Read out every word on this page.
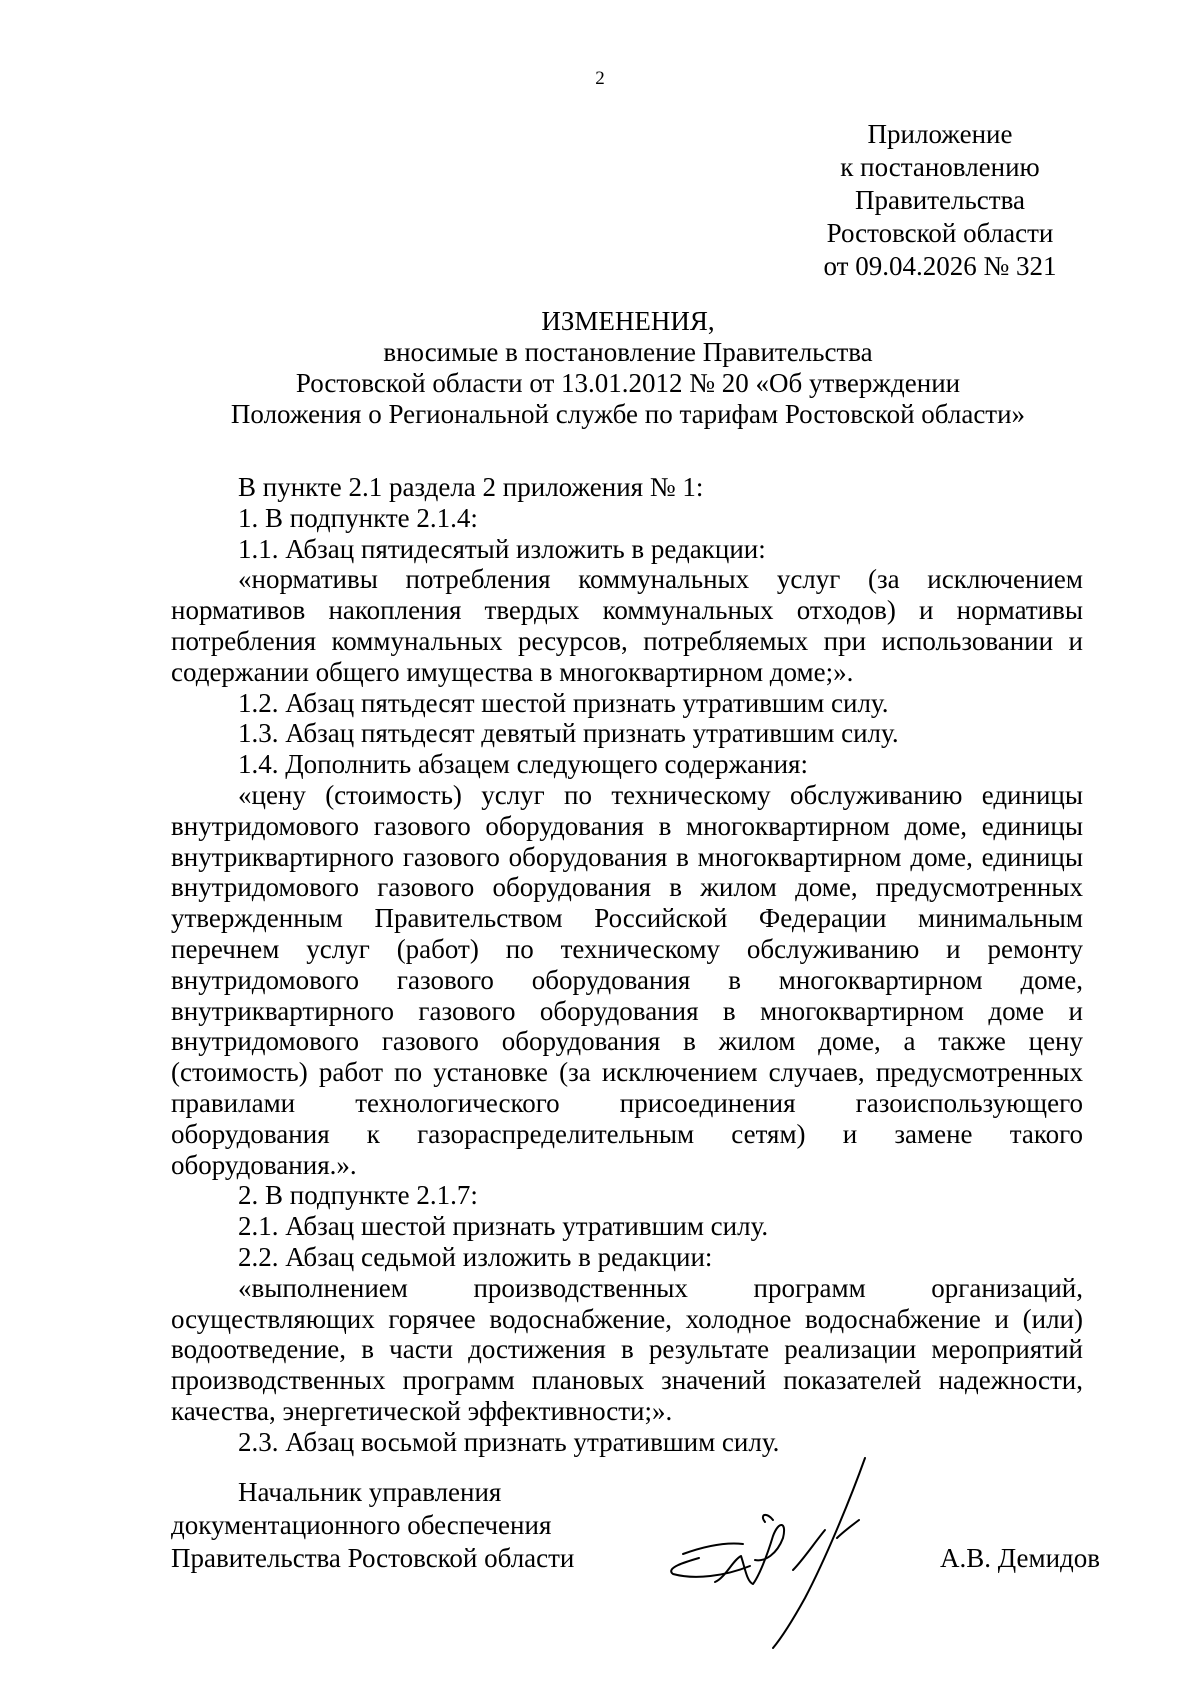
2
Приложение
к постановлению
Правительства
Ростовской области
от 09.04.2026 № 321
ИЗМЕНЕНИЯ,
вносимые в постановление Правительства
Ростовской области от 13.01.2012 № 20 «Об утверждении
Положения о Региональной службе по тарифам Ростовской области»

В пункте 2.1 раздела 2 приложения № 1:

1. В подпункте 2.1.4:

1.1. Абзац пятидесятый изложить в редакции:

«нормативы потребления коммунальных услуг (за исключением нормативов накопления твердых коммунальных отходов) и нормативы потребления коммунальных ресурсов, потребляемых при использовании и содержании общего имущества в многоквартирном доме;».

1.2. Абзац пятьдесят шестой признать утратившим силу.

1.3. Абзац пятьдесят девятый признать утратившим силу.

1.4. Дополнить абзацем следующего содержания:

«цену (стоимость) услуг по техническому обслуживанию единицы внутридомового газового оборудования в многоквартирном доме, единицы внутриквартирного газового оборудования в многоквартирном доме, единицы внутридомового газового оборудования в жилом доме, предусмотренных утвержденным Правительством Российской Федерации минимальным перечнем услуг (работ) по техническому обслуживанию и ремонту внутридомового газового оборудования в многоквартирном доме, внутриквартирного газового оборудования в многоквартирном доме и внутридомового газового оборудования в жилом доме, а также цену (стоимость) работ по установке (за исключением случаев, предусмотренных правилами технологического присоединения газоиспользующего оборудования к газораспределительным сетям) и замене такого оборудования.».

2. В подпункте 2.1.7:

2.1. Абзац шестой признать утратившим силу.

2.2. Абзац седьмой изложить в редакции:

«выполнением производственных программ организаций, осуществляющих горячее водоснабжение, холодное водоснабжение и (или) водоотведение, в части достижения в результате реализации мероприятий производственных программ плановых значений показателей надежности, качества, энергетической эффективности;».

2.3. Абзац восьмой признать утратившим силу.

Начальник управления
документационного обеспечения
Правительства Ростовской области	А.В. Демидов
